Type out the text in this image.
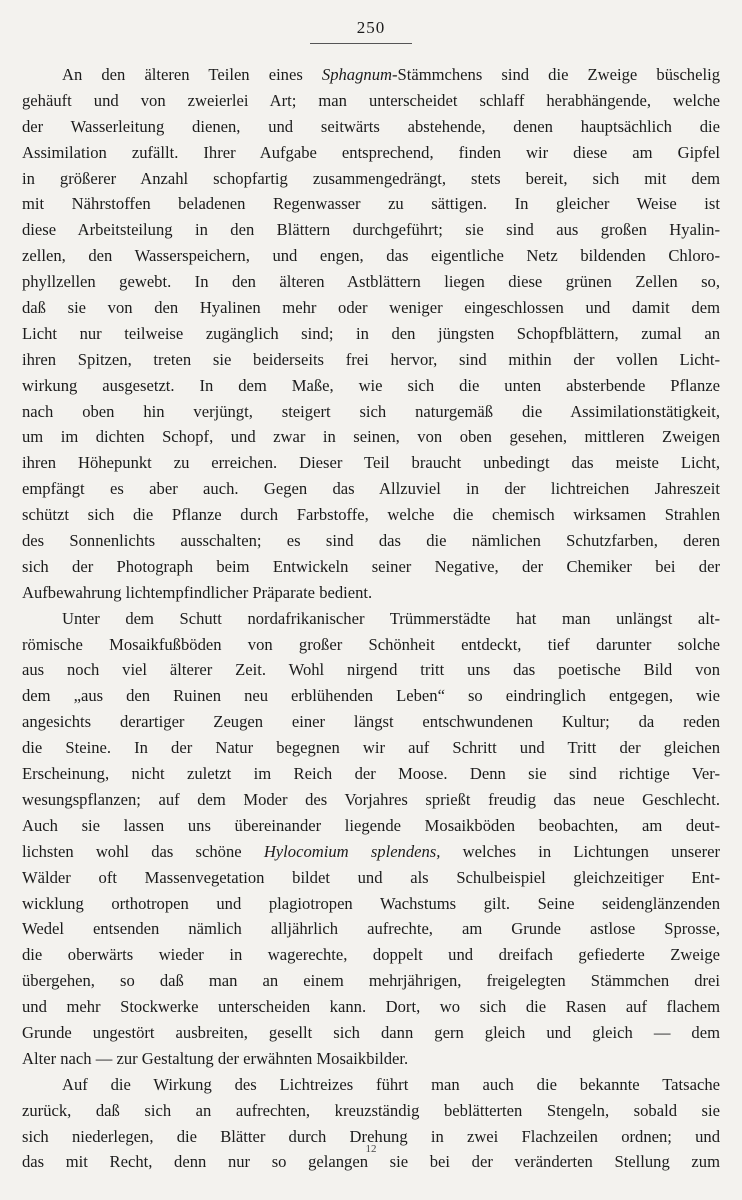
250
An den älteren Teilen eines Sphagnum-Stämmchens sind die Zweige büschelig
gehäuft und von zweierlei Art; man unterscheidet schlaff herabhängende, welche
der Wasserleitung dienen, und seitwärts abstehende, denen hauptsächlich die
Assimilation zufällt. Ihrer Aufgabe entsprechend, finden wir diese am Gipfel
in größerer Anzahl schopfartig zusammengedrängt, stets bereit, sich mit dem
mit Nährstoffen beladenen Regenwasser zu sättigen. In gleicher Weise ist
diese Arbeitsteilung in den Blättern durchgeführt; sie sind aus großen Hyalin-
zellen, den Wasserspeichern, und engen, das eigentliche Netz bildenden Chloro-
phyllzellen gewebt. In den älteren Astblättern liegen diese grünen Zellen so,
daß sie von den Hyalinen mehr oder weniger eingeschlossen und damit dem
Licht nur teilweise zugänglich sind; in den jüngsten Schopfblättern, zumal an
ihren Spitzen, treten sie beiderseits frei hervor, sind mithin der vollen Licht-
wirkung ausgesetzt. In dem Maße, wie sich die unten absterbende Pflanze
nach oben hin verjüngt, steigert sich naturgemäß die Assimilationstätigkeit,
um im dichten Schopf, und zwar in seinen, von oben gesehen, mittleren Zweigen
ihren Höhepunkt zu erreichen. Dieser Teil braucht unbedingt das meiste Licht,
empfängt es aber auch. Gegen das Allzuviel in der lichtreichen Jahreszeit
schützt sich die Pflanze durch Farbstoffe, welche die chemisch wirksamen Strahlen
des Sonnenlichts ausschalten; es sind das die nämlichen Schutzfarben, deren
sich der Photograph beim Entwickeln seiner Negative, der Chemiker bei der
Aufbewahrung lichtempfindlicher Präparate bedient.
Unter dem Schutt nordafrikanischer Trümmerstädte hat man unlängst alt-
römische Mosaikfußböden von großer Schönheit entdeckt, tief darunter solche
aus noch viel älterer Zeit. Wohl nirgend tritt uns das poetische Bild von
dem „aus den Ruinen neu erblühenden Leben“ so eindringlich entgegen, wie
angesichts derartiger Zeugen einer längst entschwundenen Kultur; da reden
die Steine. In der Natur begegnen wir auf Schritt und Tritt der gleichen
Erscheinung, nicht zuletzt im Reich der Moose. Denn sie sind richtige Ver-
wesungspflanzen; auf dem Moder des Vorjahres sprießt freudig das neue Geschlecht.
Auch sie lassen uns übereinander liegende Mosaikböden beobachten, am deut-
lichsten wohl das schöne Hylocomium splendens, welches in Lichtungen unserer
Wälder oft Massenvegetation bildet und als Schulbeispiel gleichzeitiger Ent-
wicklung orthotropen und plagiotropen Wachstums gilt. Seine seidenglänzenden
Wedel entsenden nämlich alljährlich aufrechte, am Grunde astlose Sprosse,
die oberwärts wieder in wagerechte, doppelt und dreifach gefiederte Zweige
übergehen, so daß man an einem mehrjährigen, freigelegten Stämmchen drei
und mehr Stockwerke unterscheiden kann. Dort, wo sich die Rasen auf flachem
Grunde ungestört ausbreiten, gesellt sich dann gern gleich und gleich — dem
Alter nach — zur Gestaltung der erwähnten Mosaikbilder.
Auf die Wirkung des Lichtreizes führt man auch die bekannte Tatsache
zurück, daß sich an aufrechten, kreuzständig beblätterten Stengeln, sobald sie
sich niederlegen, die Blätter durch Drehung in zwei Flachzeilen ordnen; und
das mit Recht, denn nur so gelangen sie bei der veränderten Stellung zum
12
